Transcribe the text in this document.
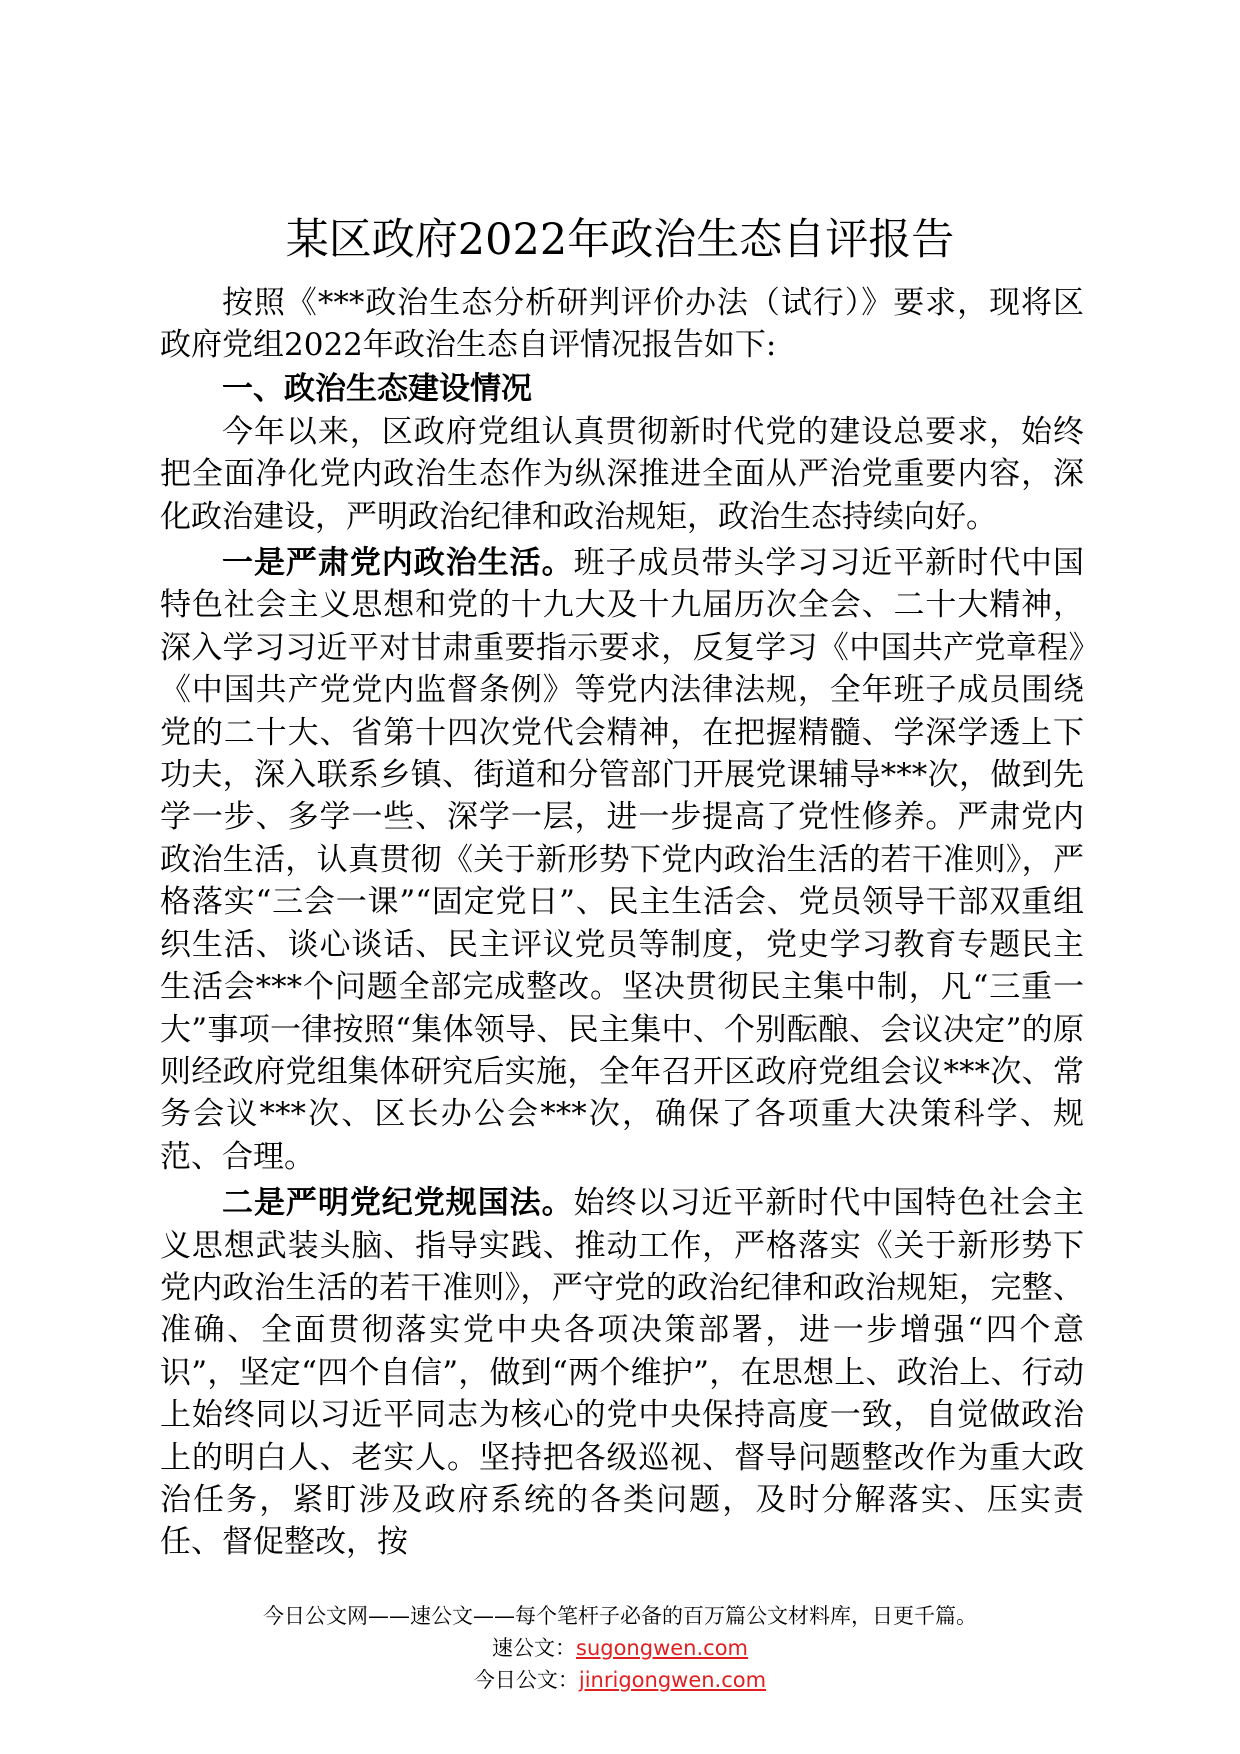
某区政府2022年政治生态自评报告

按照《***政治生态分析研判评价办法（试行）》要求，现将区政府党组2022年政治生态自评情况报告如下:

一、政治生态建设情况

今年以来，区政府党组认真贯彻新时代党的建设总要求，始终把全面净化党内政治生态作为纵深推进全面从严治党重要内容，深化政治建设，严明政治纪律和政治规矩，政治生态持续向好。

一是严肃党内政治生活。班子成员带头学习习近平新时代中国特色社会主义思想和党的十九大及十九届历次全会、二十大精神，深入学习习近平对甘肃重要指示要求，反复学习《中国共产党章程》《中国共产党党内监督条例》等党内法律法规，全年班子成员围绕党的二十大、省第十四次党代会精神，在把握精髓、学深学透上下功夫，深入联系乡镇、街道和分管部门开展党课辅导***次，做到先学一步、多学一些、深学一层，进一步提高了党性修养。严肃党内政治生活，认真贯彻《关于新形势下党内政治生活的若干准则》，严格落实“三会一课”“固定党日”、民主生活会、党员领导干部双重组织生活、谈心谈话、民主评议党员等制度，党史学习教育专题民主生活会***个问题全部完成整改。坚决贯彻民主集中制，凡“三重一大”事项一律按照“集体领导、民主集中、个别酝酿、会议决定”的原则经政府党组集体研究后实施，全年召开区政府党组会议***次、常务会议***次、区长办公会***次，确保了各项重大决策科学、规范、合理。

二是严明党纪党规国法。始终以习近平新时代中国特色社会主义思想武装头脑、指导实践、推动工作，严格落实《关于新形势下党内政治生活的若干准则》，严守党的政治纪律和政治规矩，完整、准确、全面贯彻落实党中央各项决策部署，进一步增强“四个意识”，坚定“四个自信”，做到“两个维护”，在思想上、政治上、行动上始终同以习近平同志为核心的党中央保持高度一致，自觉做政治上的明白人、老实人。坚持把各级巡视、督导问题整改作为重大政治任务，紧盯涉及政府系统的各类问题，及时分解落实、压实责任、督促整改，按

今日公文网——速公文——每个笔杆子必备的百万篇公文材料库，日更千篇。
速公文：sugongwen.com
今日公文：jinrigongwen.com
